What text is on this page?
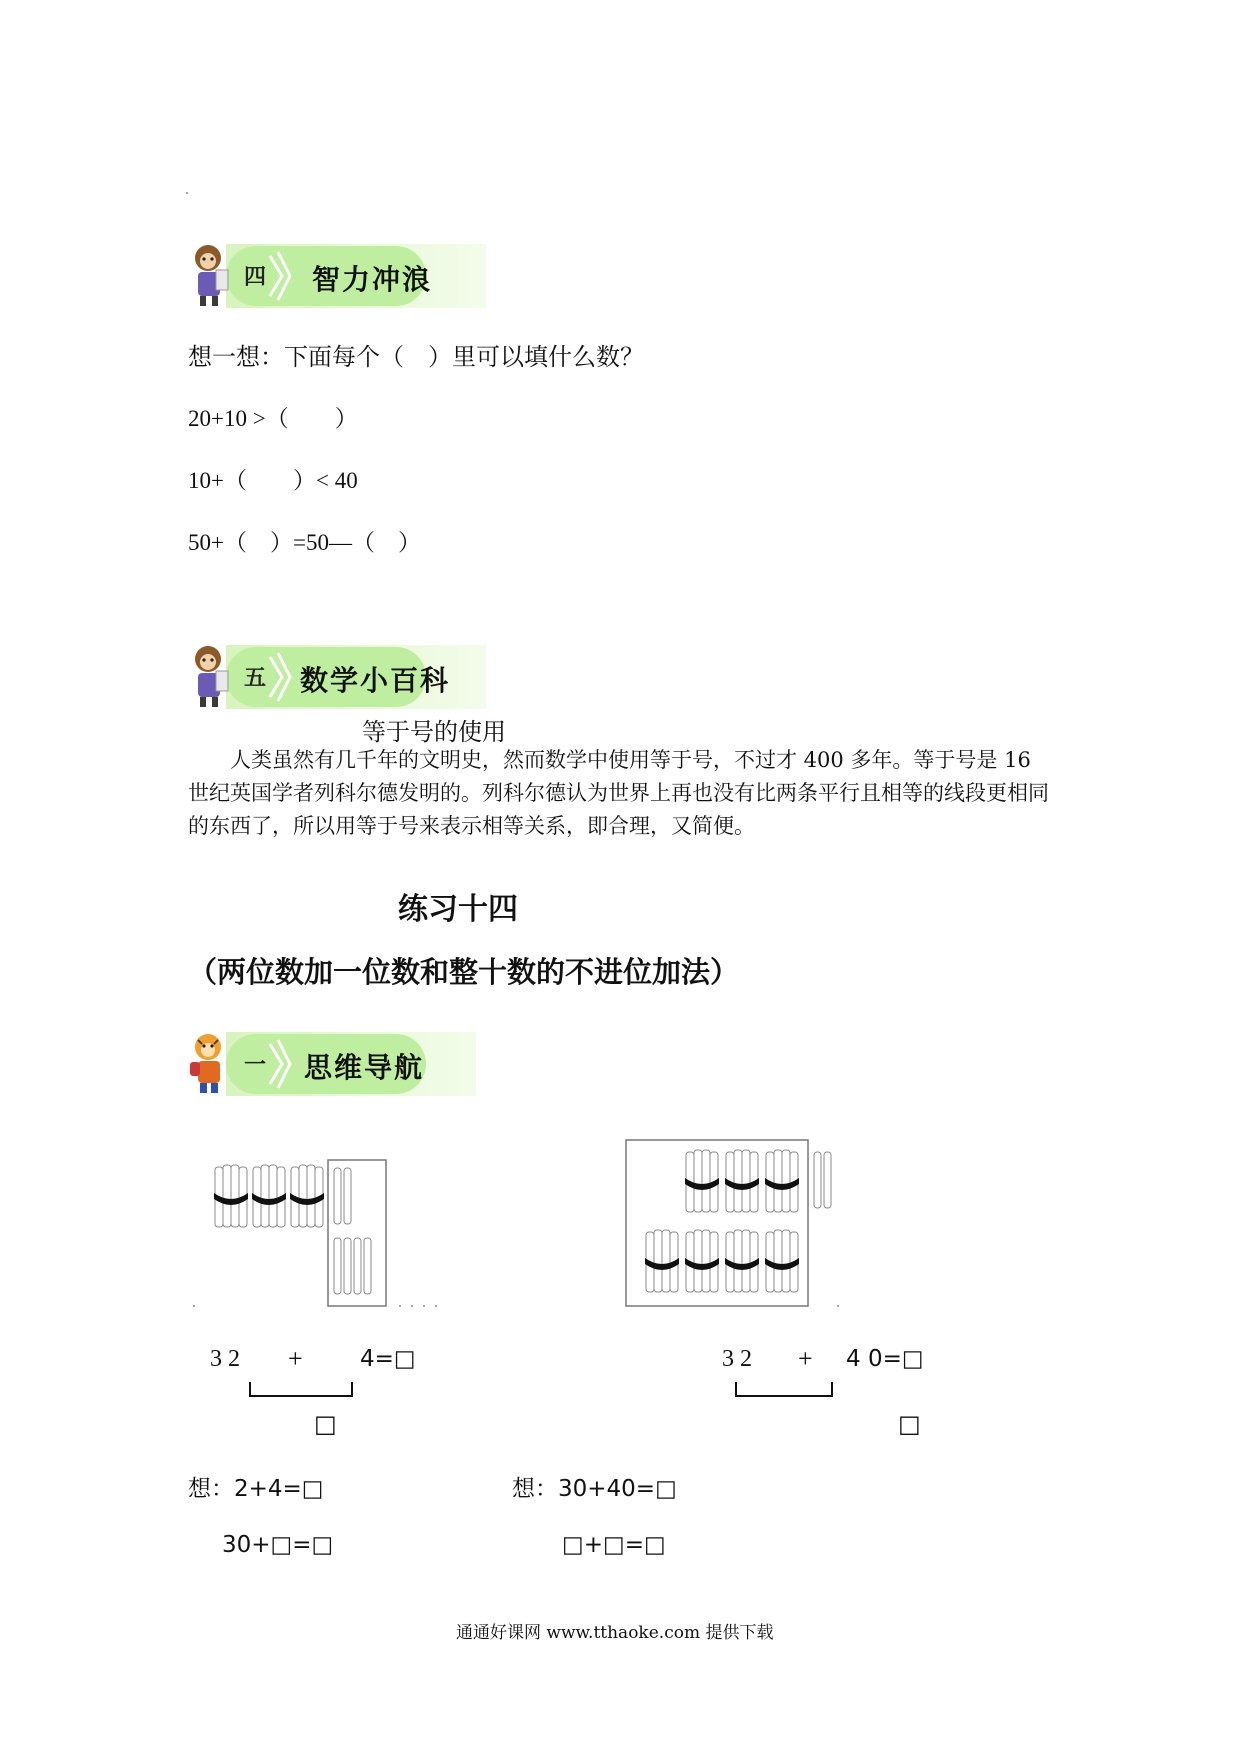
四 智力冲浪
想一想：下面每个（　）里可以填什么数？
20+10 >（　　）
10+（　　）< 40
50+（　）=50—（　）
五 数学小百科
等于号的使用
人类虽然有几千年的文明史，然而数学中使用等于号，不过才 400 多年。等于号是 16 世纪英国学者列科尔德发明的。列科尔德认为世界上再也没有比两条平行且相等的线段更相同的东西了，所以用等于号来表示相等关系，即合理，又简便。
练习十四
（两位数加一位数和整十数的不进位加法）
一 思维导航
3 2 + 4=□
□
想：2+4=□
30+□=□
3 2 + 4 0=□
□
想：30+40=□
□+□=□
通通好课网 www.tthaoke.com 提供下载
